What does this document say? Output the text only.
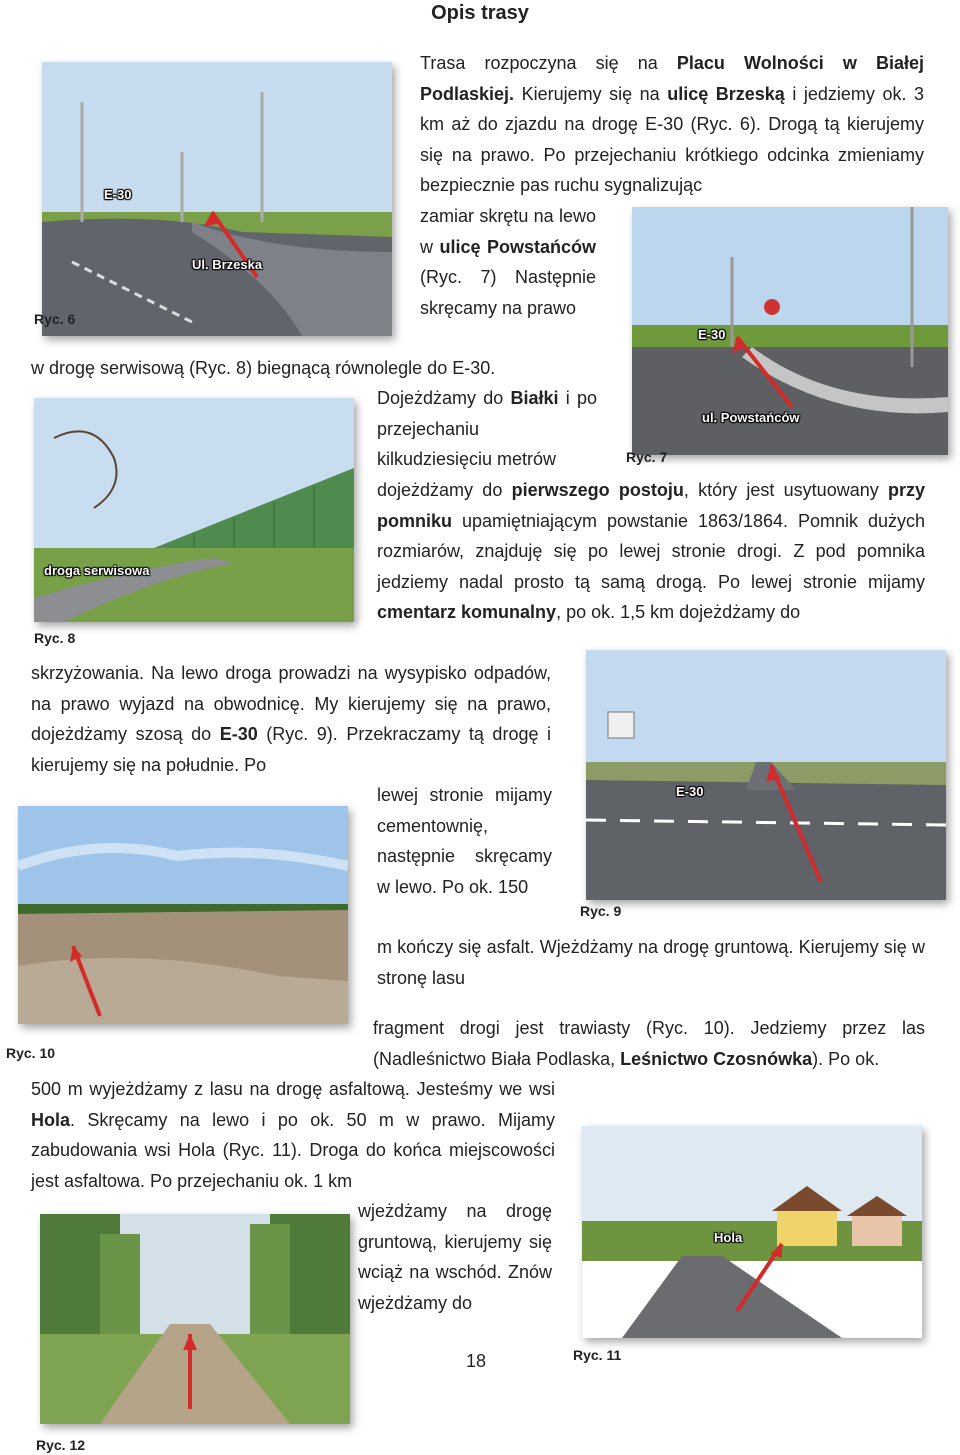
Opis trasy
E-30
Ul. Brzeska
E-30
ul. Powstańców
droga serwisowa
E-30
Hola
Ryc. 6
Ryc. 7
Ryc. 8
Ryc. 9
Ryc. 10
Ryc. 11
Ryc. 12

Trasa rozpoczyna się na Placu Wolności w Białej Podlaskiej. Kierujemy się na ulicę Brzeską i jedziemy ok. 3 km aż do zjazdu na drogę E-30 (Ryc. 6). Drogą tą kierujemy się na prawo. Po przejechaniu krótkiego odcinka zmieniamy bezpiecznie pas ruchu sygnalizując

zamiar skrętu na lewo w ulicę Powstańców (Ryc. 7) Następnie skręcamy na prawo

w drogę serwisową (Ryc. 8) biegnącą równolegle do E-30.

Dojeżdżamy do Białki i po przejechaniu kilkudziesięciu metrów

dojeżdżamy do pierwszego postoju, który jest usytuowany przy pomniku upamiętniającym powstanie 1863/1864. Pomnik dużych rozmiarów, znajduję się po lewej stronie drogi. Z pod pomnika jedziemy nadal prosto tą samą drogą. Po lewej stronie mijamy cmentarz komunalny, po ok. 1,5 km dojeżdżamy do

skrzyżowania. Na lewo droga prowadzi na wysypisko odpadów, na prawo wyjazd na obwodnicę. My kierujemy się na prawo, dojeżdżamy szosą do E-30 (Ryc. 9). Przekraczamy tą drogę i kierujemy się na południe. Po

lewej stronie mijamy cementownię, następnie skręcamy w lewo. Po ok. 150

m kończy się asfalt. Wjeżdżamy na drogę gruntową. Kierujemy się w stronę lasu

fragment drogi jest trawiasty (Ryc. 10). Jedziemy przez las (Nadleśnictwo Biała Podlaska, Leśnictwo Czosnówka). Po ok.

500 m wyjeżdżamy z lasu na drogę asfaltową. Jesteśmy we wsi Hola. Skręcamy na lewo i po ok. 50 m w prawo. Mijamy zabudowania wsi Hola (Ryc. 11). Droga do końca miejscowości jest asfaltowa. Po przejechaniu ok. 1 km

wjeżdżamy na drogę gruntową, kierujemy się wciąż na wschód. Znów wjeżdżamy do

18
